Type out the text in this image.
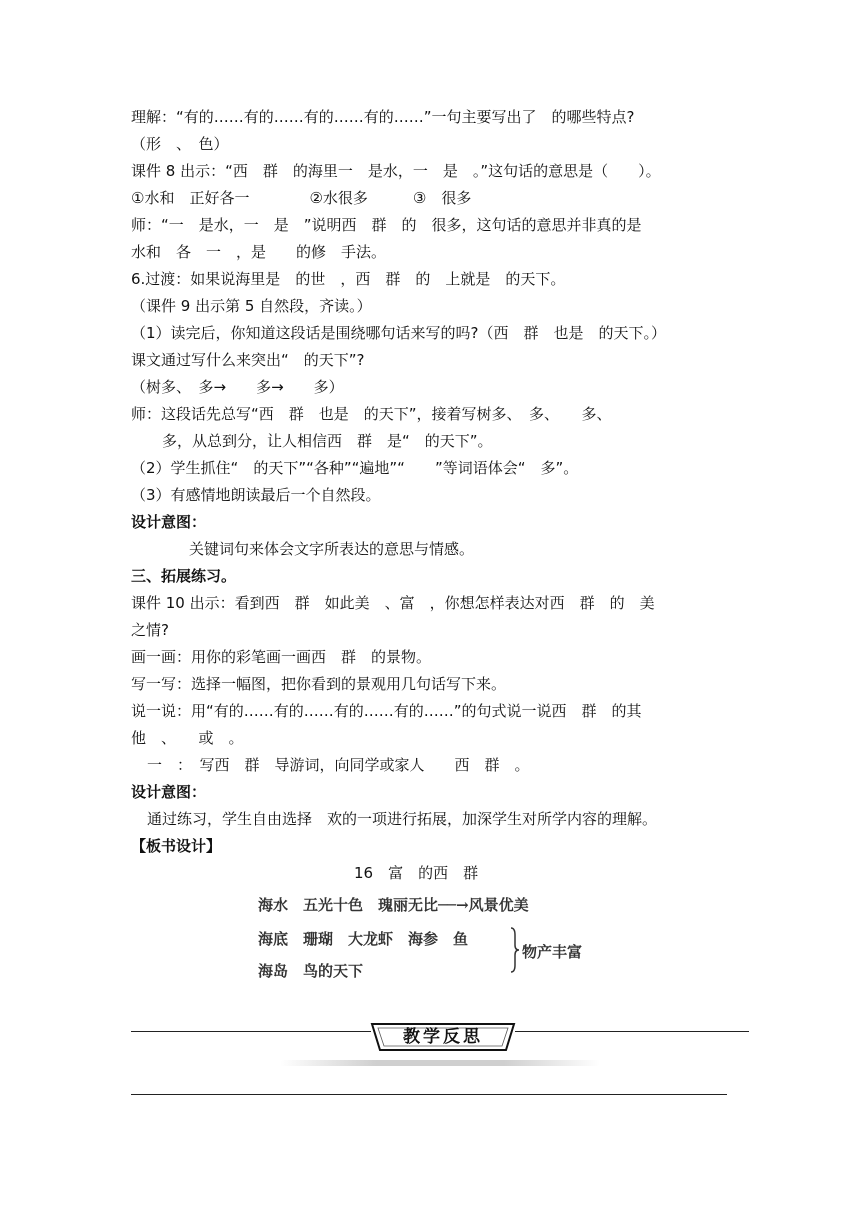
理解：“有的……有的……有的……有的……”一句主要写出了　的哪些特点?
（形　、　色）
课件 8 出示：“西　群　的海里一　是水，一　是　。”这句话的意思是（　　）。
①水和　正好各一　　　　②水很多　　　③　很多
师：“一　是水，一　是　”说明西　群　的　很多，这句话的意思并非真的是
水和　各　一　，是　　的修　手法。
6.过渡：如果说海里是　的世　，西　群　的　上就是　的天下。
（课件 9 出示第 5 自然段，齐读。）
（1）读完后，你知道这段话是围绕哪句话来写的吗?（西　群　也是　的天下。）
课文通过写什么来突出“　的天下”?
（树多、　多→　　多→　　多）
师：这段话先总写“西　群　也是　的天下”，接着写树多、　多、　　多、
　多，从总到分，让人相信西　群　是“　的天下”。
（2）学生抓住“　的天下”“各种”“遍地”“　　”等词语体会“　多”。
（3）有感情地朗读最后一个自然段。
设计意图：
关键词句来体会文字所表达的意思与情感。
三、拓展练习。
课件 10 出示：看到西　群　如此美　、富　，你想怎样表达对西　群　的　美
之情?
画一画：用你的彩笔画一画西　群　的景物。
写一写：选择一幅图，把你看到的景观用几句话写下来。
说一说：用“有的……有的……有的……有的……”的句式说一说西　群　的其
他　、　　或　。
一　：　写西　群　导游词，向同学或家人　　西　群　。
设计意图：
通过练习，学生自由选择　欢的一项进行拓展，加深学生对所学内容的理解。
【板书设计】
16　富　的西　群
海水　五光十色　瑰丽无比──→风景优美
海底　珊瑚　大龙虾　海参　鱼
海岛　鸟的天下
物产丰富
教学反思
